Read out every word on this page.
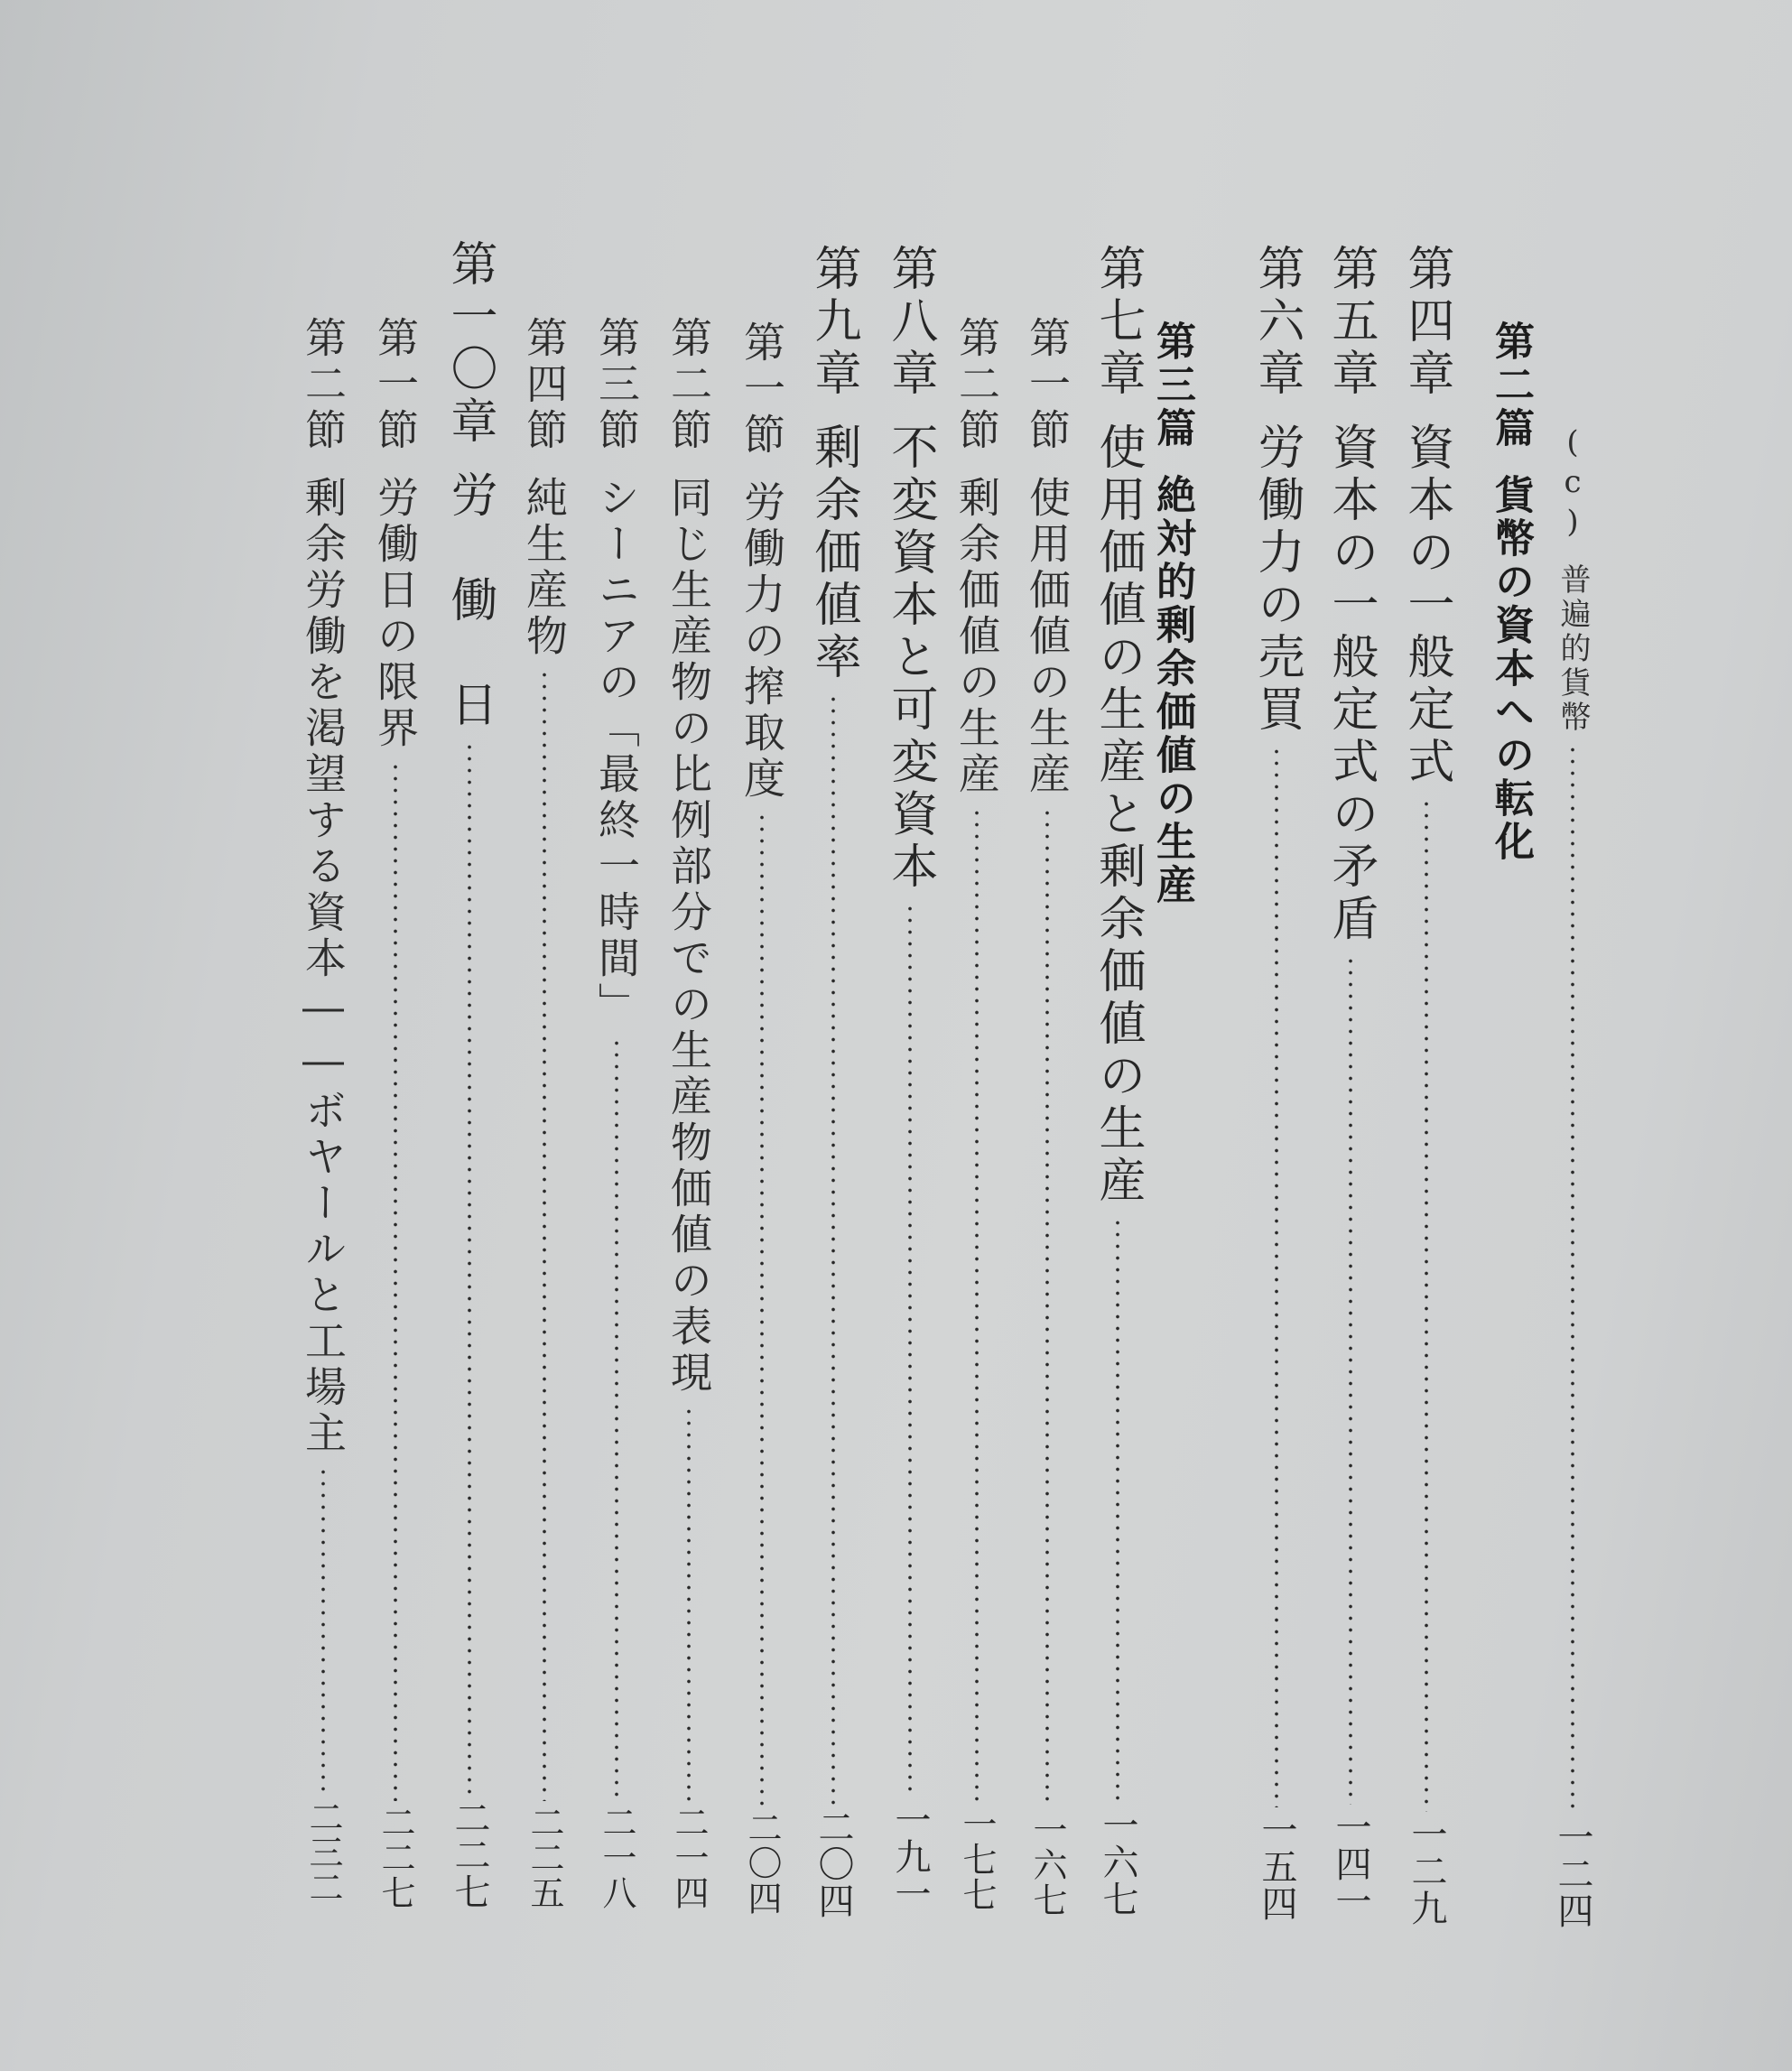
(c)
普遍的貨幣
一二四
第二篇
貨幣の資本への転化
第四章
資本の一般定式
一二九
第五章
資本の一般定式の矛盾
一四一
第六章
労働力の売買
一五四
第三篇
絶対的剰余価値の生産
第七章
使用価値の生産と剰余価値の生産
一六七
第一節
使用価値の生産
一六七
第二節
剰余価値の生産
一七七
第八章
不変資本と可変資本
一九一
第九章
剰余価値率
二〇四
第一節
労働力の搾取度
二〇四
第二節
同じ生産物の比例部分での生産物価値の表現
二一四
第三節
シーニアの「最終一時間」
二一八
第四節
純生産物
二二五
第一〇章
労　働　日
二二七
第一節
労働日の限界
二二七
第二節
剰余労働を渇望する資本――ボヤールと工場主
二三二
